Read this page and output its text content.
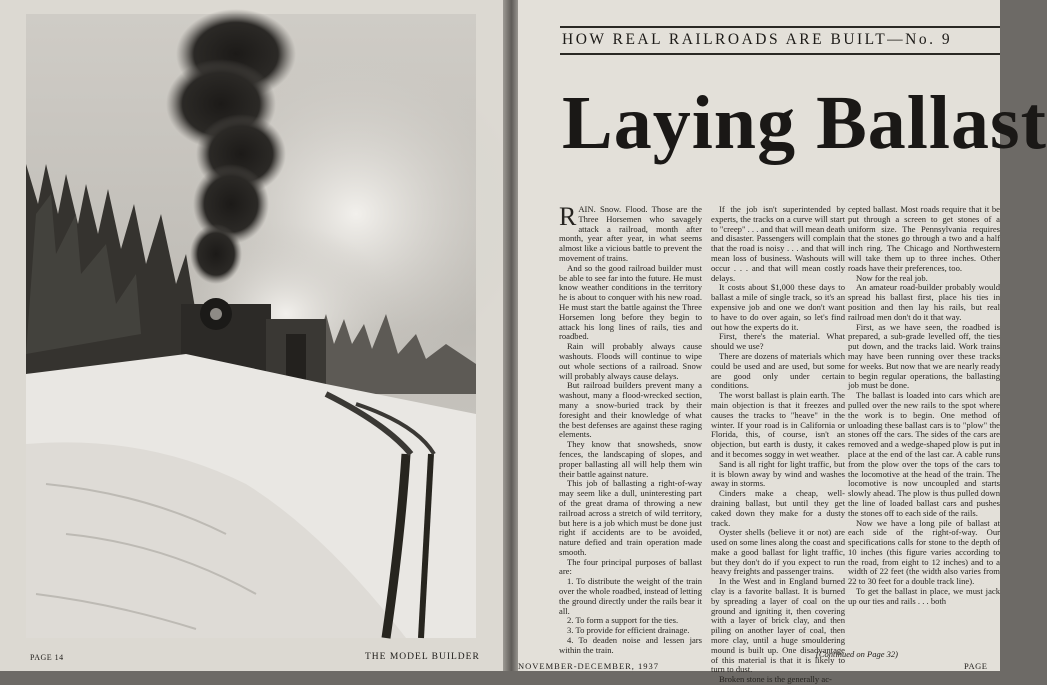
PAGE 14	THE MODEL BUILDER
HOW REAL RAILROADS ARE BUILT—No. 9
Laying Ballast

RAIN. Snow. Flood. Those are the Three Horsemen who savagely attack a railroad, month after month, year after year, in what seems almost like a vicious battle to prevent the movement of trains.

And so the good railroad builder must be able to see far into the future. He must know weather conditions in the territory he is about to conquer with his new road. He must start the battle against the Three Horsemen long before they begin to attack his long lines of rails, ties and roadbed.

Rain will probably always cause washouts. Floods will continue to wipe out whole sections of a railroad. Snow will probably always cause delays.

But railroad builders prevent many a washout, many a flood-wrecked section, many a snow-buried track by their foresight and their knowledge of what the best defenses are against these raging elements.

They know that snowsheds, snow fences, the landscaping of slopes, and proper ballasting all will help them win their battle against nature.

This job of ballasting a right-of-way may seem like a dull, uninteresting part of the great drama of throwing a new railroad across a stretch of wild territory, but here is a job which must be done just right if accidents are to be avoided, nature defied and train operation made smooth.

The four principal purposes of ballast are:

1. To distribute the weight of the train over the whole roadbed, instead of letting the ground directly under the rails bear it all.

2. To form a support for the ties.

3. To provide for efficient drainage.

4. To deaden noise and lessen jars within the train.

If the job isn't superintended by experts, the tracks on a curve will start to "creep" . . . and that will mean death and disaster. Passengers will complain that the road is noisy . . . and that will mean loss of business. Washouts will occur . . . and that will mean costly delays.

It costs about $1,000 these days to ballast a mile of single track, so it's an expensive job and one we don't want to have to do over again, so let's find out how the experts do it.

First, there's the material. What should we use?

There are dozens of materials which could be used and are used, but some are good only under certain conditions.

The worst ballast is plain earth. The main objection is that it freezes and causes the tracks to "heave" in the winter. If your road is in California or Florida, this, of course, isn't an objection, but earth is dusty, it cakes and it becomes soggy in wet weather.

Sand is all right for light traffic, but it is blown away by wind and washes away in storms.

Cinders make a cheap, well-draining ballast, but until they get caked down they make for a dusty track.

Oyster shells (believe it or not) are used on some lines along the coast and make a good ballast for light traffic, but they don't do if you expect to run heavy freights and passenger trains.

In the West and in England burned clay is a favorite ballast. It is burned by spreading a layer of coal on the ground and igniting it, then covering with a layer of brick clay, and then piling on another layer of coal, then more clay, until a huge smouldering mound is built up. One disadvantage of this material is that it is likely to turn to dust.

Broken stone is the generally ac-

cepted ballast. Most roads require that it be put through a screen to get stones of a uniform size. The Pennsylvania requires that the stones go through a two and a half inch ring. The Chicago and Northwestern will take them up to three inches. Other roads have their preferences, too.

Now for the real job.

An amateur road-builder probably would spread his ballast first, place his ties in position and then lay his rails, but real railroad men don't do it that way.

First, as we have seen, the roadbed is prepared, a sub-grade levelled off, the ties put down, and the tracks laid. Work trains may have been running over these tracks for weeks. But now that we are nearly ready to begin regular operations, the ballasting job must be done.

The ballast is loaded into cars which are pulled over the new rails to the spot where the work is to begin. One method of unloading these ballast cars is to "plow" the stones off the cars. The sides of the cars are removed and a wedge-shaped plow is put in place at the end of the last car. A cable runs from the plow over the tops of the cars to the locomotive at the head of the train. The locomotive is now uncoupled and starts slowly ahead. The plow is thus pulled down the line of loaded ballast cars and pushes the stones off to each side of the rails.

Now we have a long pile of ballast at each side of the right-of-way. Our specifications calls for stone to the depth of 10 inches (this figure varies according to the road, from eight to 12 inches) and to a width of 22 feet (the width also varies from 22 to 30 feet for a double track line).

To get the ballast in place, we must jack up our ties and rails . . . both

(Continued on Page 32)
NOVEMBER-DECEMBER, 1937	PAGE
